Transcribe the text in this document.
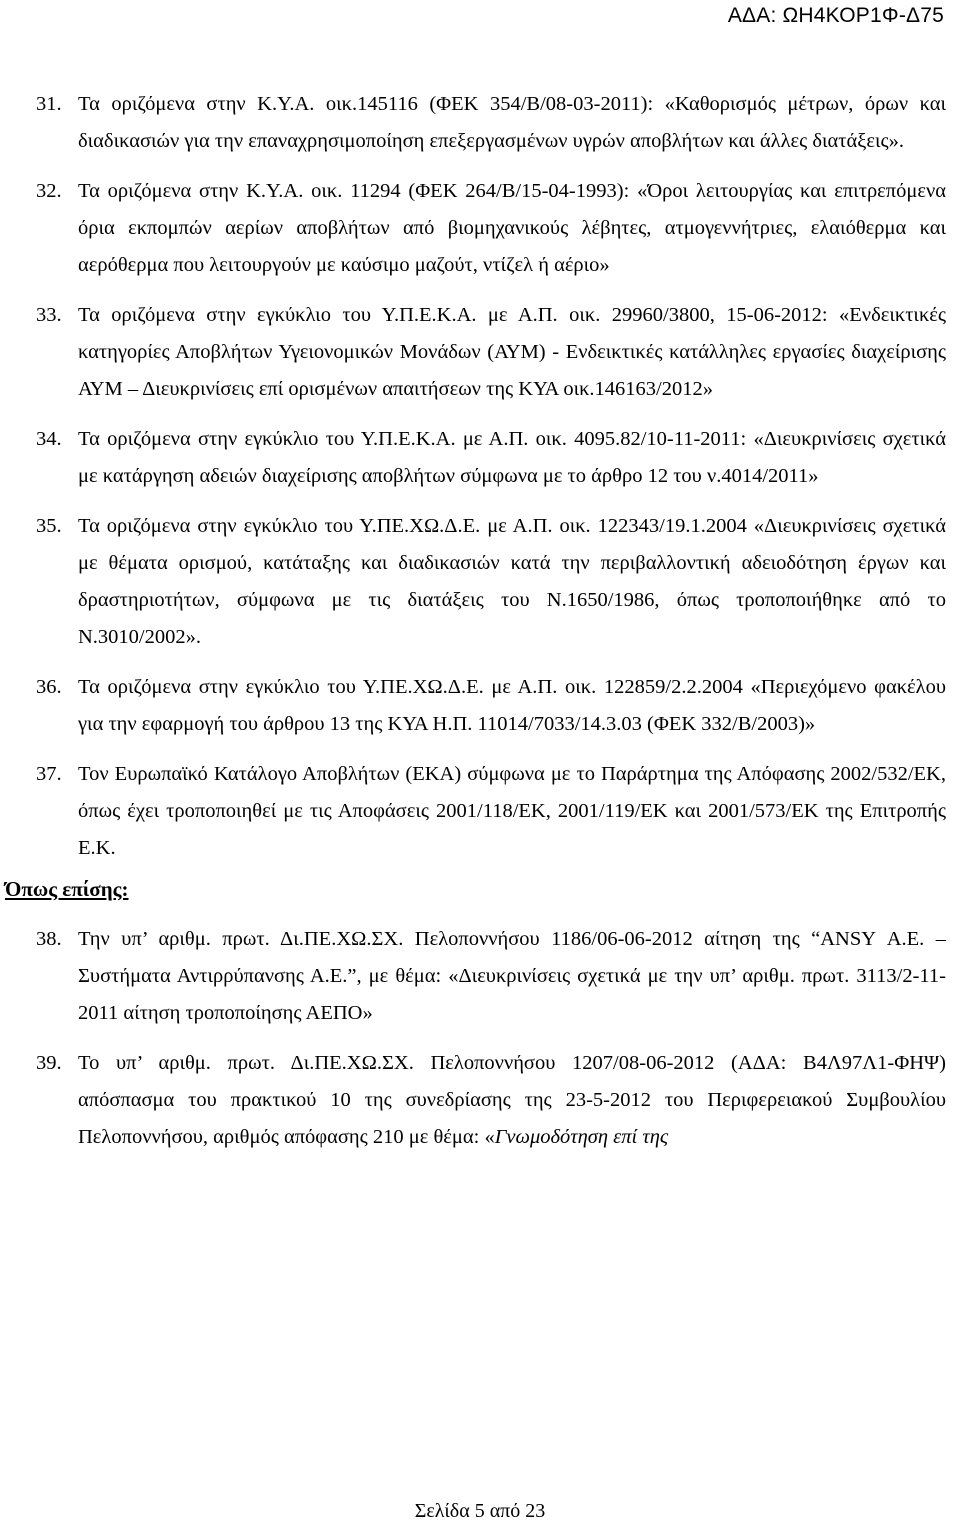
ΑΔΑ: ΩΗ4ΚΟΡ1Φ-Δ75
31. Τα οριζόμενα στην Κ.Υ.Α. οικ.145116 (ΦΕΚ 354/Β/08-03-2011): «Καθορισμός μέτρων, όρων και διαδικασιών για την επαναχρησιμοποίηση επεξεργασμένων υγρών αποβλήτων και άλλες διατάξεις».
32. Τα οριζόμενα στην Κ.Υ.Α. οικ. 11294 (ΦΕΚ 264/Β/15-04-1993): «Όροι λειτουργίας και επιτρεπόμενα όρια εκπομπών αερίων αποβλήτων από βιομηχανικούς λέβητες, ατμογεννήτριες, ελαιόθερμα και αερόθερμα που λειτουργούν με καύσιμο μαζούτ, ντίζελ ή αέριο»
33. Τα οριζόμενα στην εγκύκλιο του Υ.Π.Ε.Κ.Α. με Α.Π. οικ. 29960/3800, 15-06-2012: «Ενδεικτικές κατηγορίες Αποβλήτων Υγειονομικών Μονάδων (ΑΥΜ) - Ενδεικτικές κατάλληλες εργασίες διαχείρισης ΑΥΜ – Διευκρινίσεις επί ορισμένων απαιτήσεων της ΚΥΑ οικ.146163/2012»
34. Τα οριζόμενα στην εγκύκλιο του Υ.Π.Ε.Κ.Α. με Α.Π. οικ. 4095.82/10-11-2011: «Διευκρινίσεις σχετικά με κατάργηση αδειών διαχείρισης αποβλήτων σύμφωνα με το άρθρο 12 του ν.4014/2011»
35. Τα οριζόμενα στην εγκύκλιο του Υ.ΠΕ.ΧΩ.Δ.Ε. με Α.Π. οικ. 122343/19.1.2004 «Διευκρινίσεις σχετικά με θέματα ορισμού, κατάταξης και διαδικασιών κατά την περιβαλλοντική αδειοδότηση έργων και δραστηριοτήτων, σύμφωνα με τις διατάξεις του Ν.1650/1986, όπως τροποποιήθηκε από το Ν.3010/2002».
36. Τα οριζόμενα στην εγκύκλιο του Υ.ΠΕ.ΧΩ.Δ.Ε. με Α.Π. οικ. 122859/2.2.2004 «Περιεχόμενο φακέλου για την εφαρμογή του άρθρου 13 της ΚΥΑ Η.Π. 11014/7033/14.3.03 (ΦΕΚ 332/Β/2003)»
37. Τον Ευρωπαϊκό Κατάλογο Αποβλήτων (ΕΚΑ) σύμφωνα με το Παράρτημα της Απόφασης 2002/532/ΕΚ, όπως έχει τροποποιηθεί με τις Αποφάσεις 2001/118/ΕΚ, 2001/119/ΕΚ και 2001/573/ΕΚ της Επιτροπής Ε.Κ.
Όπως επίσης:
38. Την υπ’ αριθμ. πρωτ. Δι.ΠΕ.ΧΩ.ΣΧ. Πελοποννήσου 1186/06-06-2012 αίτηση της “ANSY Α.Ε. – Συστήματα Αντιρρύπανσης Α.Ε.”, με θέμα: «Διευκρινίσεις σχετικά με την υπ’ αριθμ. πρωτ. 3113/2-11-2011 αίτηση τροποποίησης ΑΕΠΟ»
39. Το υπ’ αριθμ. πρωτ. Δι.ΠΕ.ΧΩ.ΣΧ. Πελοποννήσου 1207/08-06-2012 (ΑΔΑ: Β4Λ97Λ1-ΦΗΨ) απόσπασμα του πρακτικού 10 της συνεδρίασης της 23-5-2012 του Περιφερειακού Συμβουλίου Πελοποννήσου, αριθμός απόφασης 210 με θέμα: «Γνωμοδότηση επί της
Σελίδα 5 από 23
